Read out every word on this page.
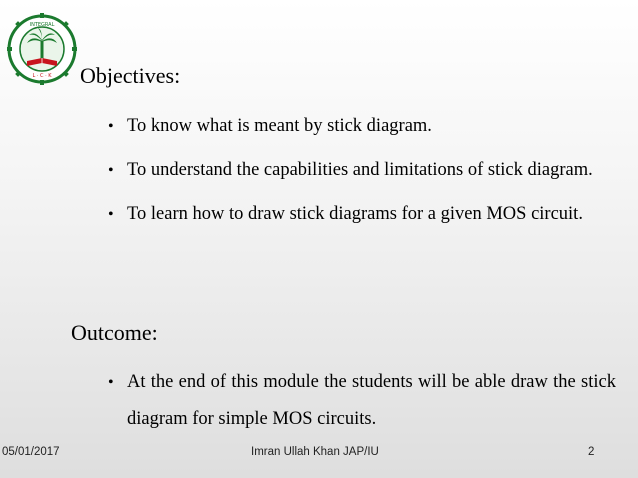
INTEGRAL
L · C · K Objectives:
• To know what is meant by stick diagram.
• To understand the capabilities and limitations of stick diagram.
• To learn how to draw stick diagrams for a given MOS circuit.
Outcome:
• At the end of this module the students will be able draw the stick diagram for simple MOS circuits.
05/01/2017	Imran Ullah Khan JAP/IU	2
